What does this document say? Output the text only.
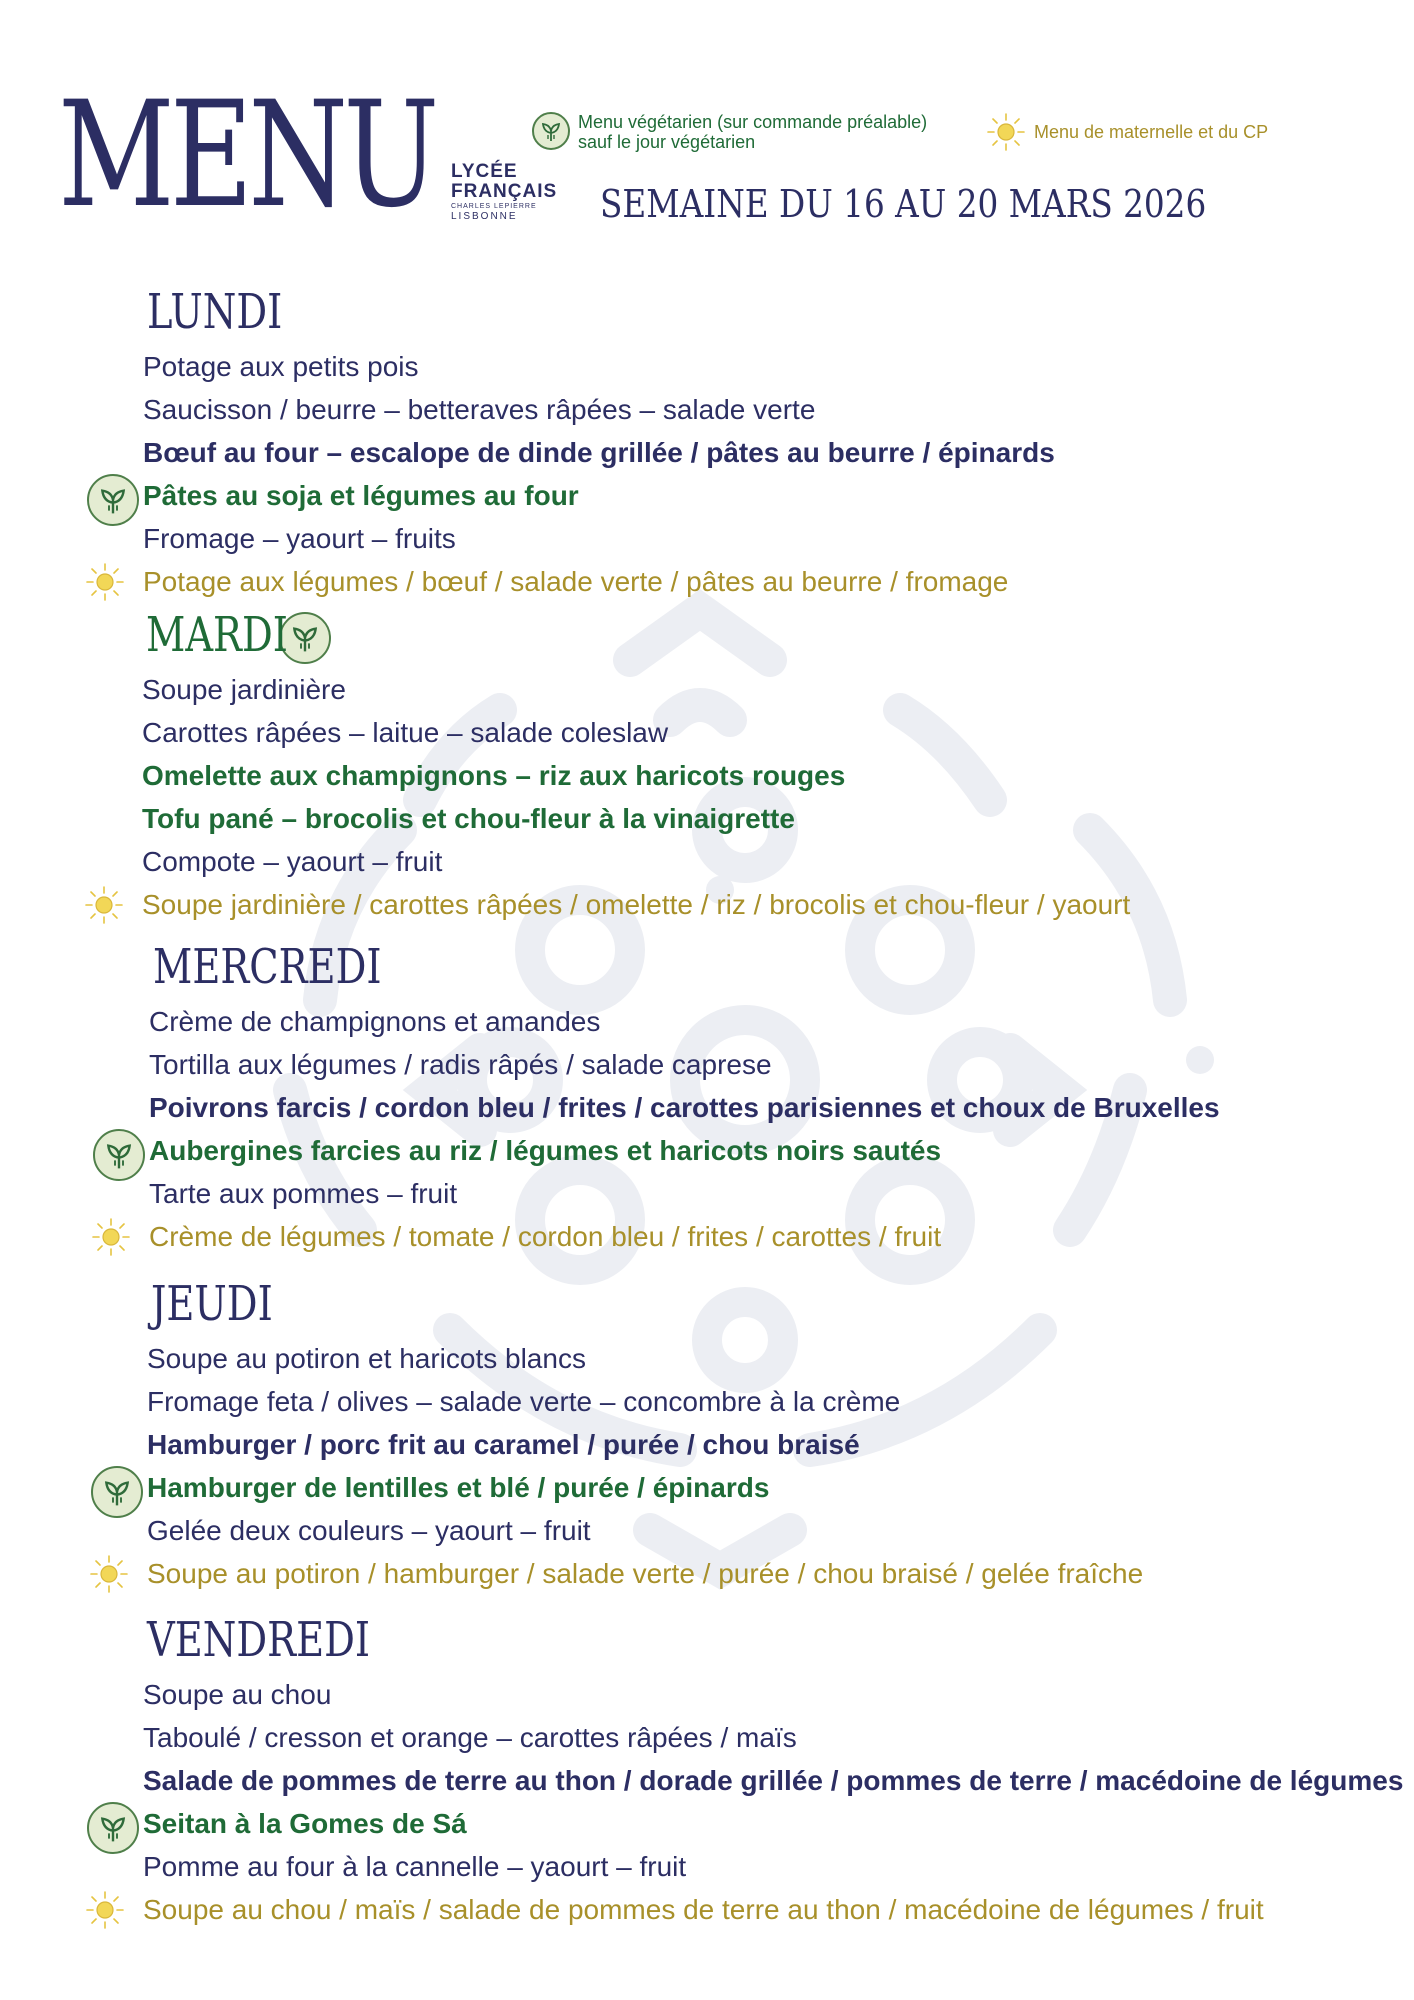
MENU LYCÉE
FRANÇAIS
CHARLES LEPIERRE
LISBONNE
Menu végétarien (sur commande préalable)
sauf le jour végétarien	Menu de maternelle et du CP
SEMAINE DU 16 AU 20 MARS 2026
LUNDI
Potage aux petits pois
Saucisson / beurre – betteraves râpées – salade verte
Bœuf au four – escalope de dinde grillée / pâtes au beurre / épinards
Pâtes au soja et légumes au four
Fromage – yaourt – fruits
Potage aux légumes / bœuf / salade verte / pâtes au beurre / fromage
MARDI
Soupe jardinière
Carottes râpées – laitue – salade coleslaw
Omelette aux champignons – riz aux haricots rouges
Tofu pané – brocolis et chou-fleur à la vinaigrette
Compote – yaourt – fruit
Soupe jardinière / carottes râpées / omelette / riz / brocolis et chou-fleur / yaourt
MERCREDI
Crème de champignons et amandes
Tortilla aux légumes / radis râpés / salade caprese
Poivrons farcis / cordon bleu / frites / carottes parisiennes et choux de Bruxelles
Aubergines farcies au riz / légumes et haricots noirs sautés
Tarte aux pommes – fruit
Crème de légumes / tomate / cordon bleu / frites / carottes / fruit
JEUDI
Soupe au potiron et haricots blancs
Fromage feta / olives – salade verte – concombre à la crème
Hamburger / porc frit au caramel / purée / chou braisé
Hamburger de lentilles et blé / purée / épinards
Gelée deux couleurs – yaourt – fruit
Soupe au potiron / hamburger / salade verte / purée / chou braisé / gelée fraîche
VENDREDI
Soupe au chou
Taboulé / cresson et orange – carottes râpées / maïs
Salade de pommes de terre au thon / dorade grillée / pommes de terre / macédoine de légumes
Seitan à la Gomes de Sá
Pomme au four à la cannelle – yaourt – fruit
Soupe au chou / maïs / salade de pommes de terre au thon / macédoine de légumes / fruit
